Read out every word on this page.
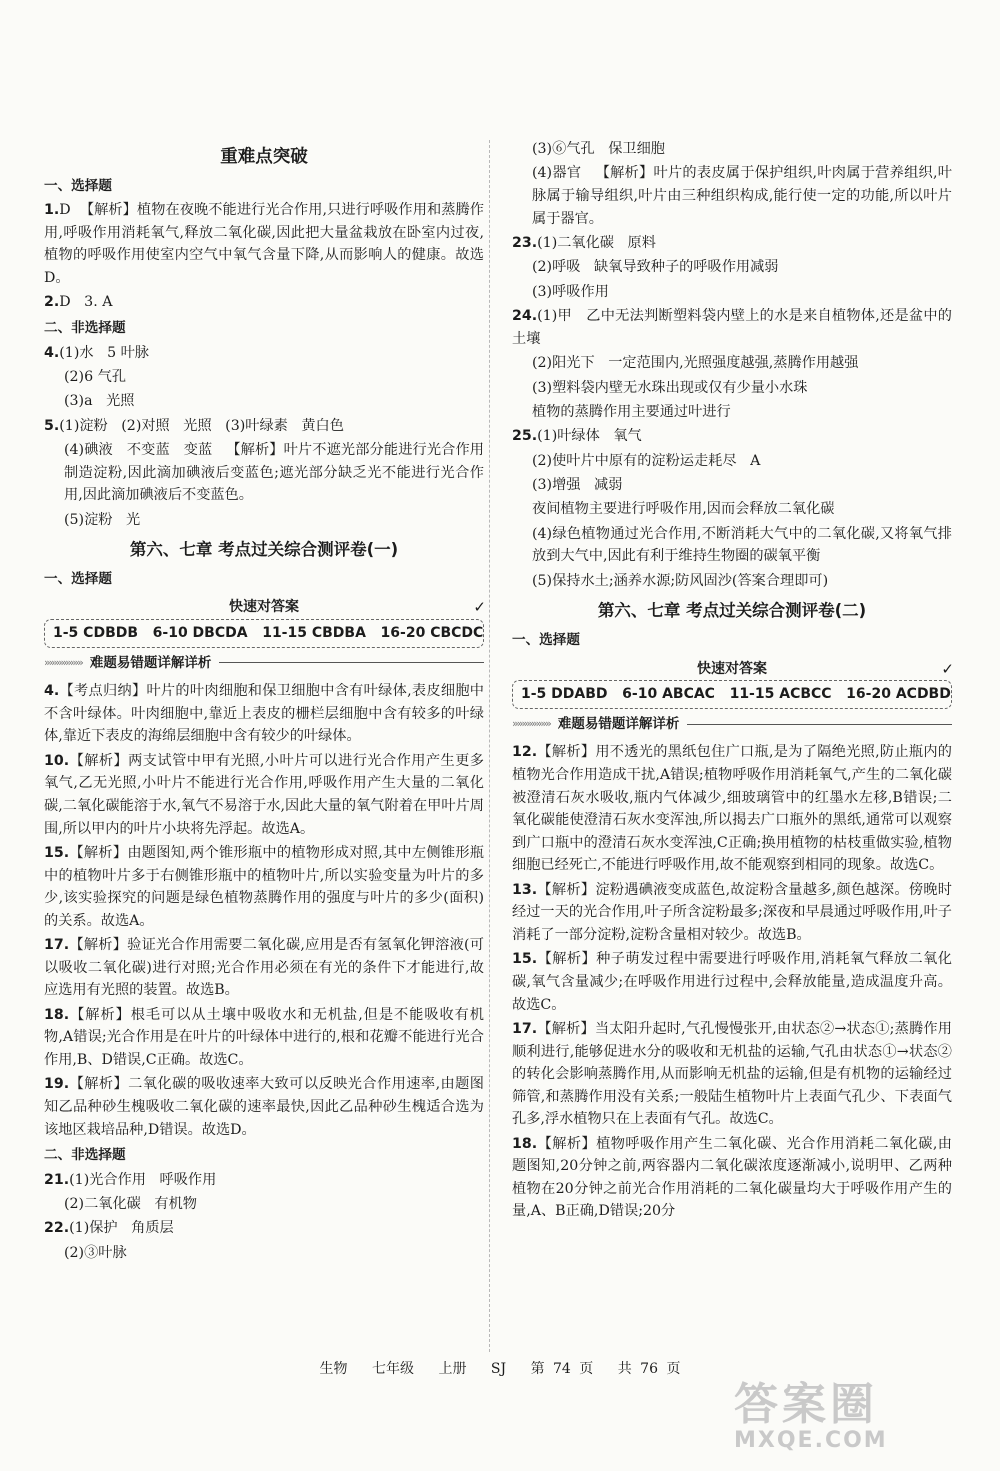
重难点突破
一、选择题
1.D  【解析】植物在夜晚不能进行光合作用,只进行呼吸作用和蒸腾作用,呼吸作用消耗氧气,释放二氧化碳,因此把大量盆栽放在卧室内过夜,植物的呼吸作用使室内空气中氧气含量下降,从而影响人的健康。故选D。
2.D   3. A
二、非选择题
4.(1)水   5 叶脉
(2)6 气孔
(3)a   光照
5.(1)淀粉   (2)对照   光照   (3)叶绿素   黄白色
(4)碘液   不变蓝   变蓝   【解析】叶片不遮光部分能进行光合作用制造淀粉,因此滴加碘液后变蓝色;遮光部分缺乏光不能进行光合作用,因此滴加碘液后不变蓝色。
(5)淀粉   光
第六、七章 考点过关综合测评卷(一)
一、选择题
快速对答案
1-5 CDBDB   6-10 DBCDA   11-15 CBDBA   16-20 CBCDC
✓
»»»»»»»» 难题易错题详解详析
4.【考点归纳】叶片的叶肉细胞和保卫细胞中含有叶绿体,表皮细胞中不含叶绿体。叶肉细胞中,靠近上表皮的栅栏层细胞中含有较多的叶绿体,靠近下表皮的海绵层细胞中含有较少的叶绿体。
10.【解析】两支试管中甲有光照,小叶片可以进行光合作用产生更多氧气,乙无光照,小叶片不能进行光合作用,呼吸作用产生大量的二氧化碳,二氧化碳能溶于水,氧气不易溶于水,因此大量的氧气附着在甲叶片周围,所以甲内的叶片小块将先浮起。故选A。
15.【解析】由题图知,两个锥形瓶中的植物形成对照,其中左侧锥形瓶中的植物叶片多于右侧锥形瓶中的植物叶片,所以实验变量为叶片的多少,该实验探究的问题是绿色植物蒸腾作用的强度与叶片的多少(面积)的关系。故选A。
17.【解析】验证光合作用需要二氧化碳,应用是否有氢氧化钾溶液(可以吸收二氧化碳)进行对照;光合作用必须在有光的条件下才能进行,故应选用有光照的装置。故选B。
18.【解析】根毛可以从土壤中吸收水和无机盐,但是不能吸收有机物,A错误;光合作用是在叶片的叶绿体中进行的,根和花瓣不能进行光合作用,B、D错误,C正确。故选C。
19.【解析】二氧化碳的吸收速率大致可以反映光合作用速率,由题图知乙品种砂生槐吸收二氧化碳的速率最快,因此乙品种砂生槐适合选为该地区栽培品种,D错误。故选D。
二、非选择题
21.(1)光合作用   呼吸作用
(2)二氧化碳   有机物
22.(1)保护   角质层
(2)③叶脉
(3)⑥气孔   保卫细胞
(4)器官   【解析】叶片的表皮属于保护组织,叶肉属于营养组织,叶脉属于输导组织,叶片由三种组织构成,能行使一定的功能,所以叶片属于器官。
23.(1)二氧化碳   原料
(2)呼吸   缺氧导致种子的呼吸作用减弱
(3)呼吸作用
24.(1)甲   乙中无法判断塑料袋内壁上的水是来自植物体,还是盆中的土壤
(2)阳光下   一定范围内,光照强度越强,蒸腾作用越强
(3)塑料袋内壁无水珠出现或仅有少量小水珠
植物的蒸腾作用主要通过叶进行
25.(1)叶绿体   氧气
(2)使叶片中原有的淀粉运走耗尽   A
(3)增强   减弱
夜间植物主要进行呼吸作用,因而会释放二氧化碳
(4)绿色植物通过光合作用,不断消耗大气中的二氧化碳,又将氧气排放到大气中,因此有利于维持生物圈的碳氧平衡
(5)保持水土;涵养水源;防风固沙(答案合理即可)
第六、七章 考点过关综合测评卷(二)
一、选择题
快速对答案
1-5 DDABD   6-10 ABCAC   11-15 ACBCC   16-20 ACDBD
✓
»»»»»»»» 难题易错题详解详析
12.【解析】用不透光的黑纸包住广口瓶,是为了隔绝光照,防止瓶内的植物光合作用造成干扰,A错误;植物呼吸作用消耗氧气,产生的二氧化碳被澄清石灰水吸收,瓶内气体减少,细玻璃管中的红墨水左移,B错误;二氧化碳能使澄清石灰水变浑浊,所以揭去广口瓶外的黑纸,通常可以观察到广口瓶中的澄清石灰水变浑浊,C正确;换用植物的枯枝重做实验,植物细胞已经死亡,不能进行呼吸作用,故不能观察到相同的现象。故选C。
13.【解析】淀粉遇碘液变成蓝色,故淀粉含量越多,颜色越深。傍晚时经过一天的光合作用,叶子所含淀粉最多;深夜和早晨通过呼吸作用,叶子消耗了一部分淀粉,淀粉含量相对较少。故选B。
15.【解析】种子萌发过程中需要进行呼吸作用,消耗氧气释放二氧化碳,氧气含量减少;在呼吸作用进行过程中,会释放能量,造成温度升高。故选C。
17.【解析】当太阳升起时,气孔慢慢张开,由状态②→状态①;蒸腾作用顺利进行,能够促进水分的吸收和无机盐的运输,气孔由状态①→状态②的转化会影响蒸腾作用,从而影响无机盐的运输,但是有机物的运输经过筛管,和蒸腾作用没有关系;一般陆生植物叶片上表面气孔少、下表面气孔多,浮水植物只在上表面有气孔。故选C。
18.【解析】植物呼吸作用产生二氧化碳、光合作用消耗二氧化碳,由题图知,20分钟之前,两容器内二氧化碳浓度逐渐减小,说明甲、乙两种植物在20分钟之前光合作用消耗的二氧化碳量均大于呼吸作用产生的量,A、B正确,D错误;20分
生物 七年级 上册 SJ 第 74 页 共 76 页
答案圈
MXQE.COM
